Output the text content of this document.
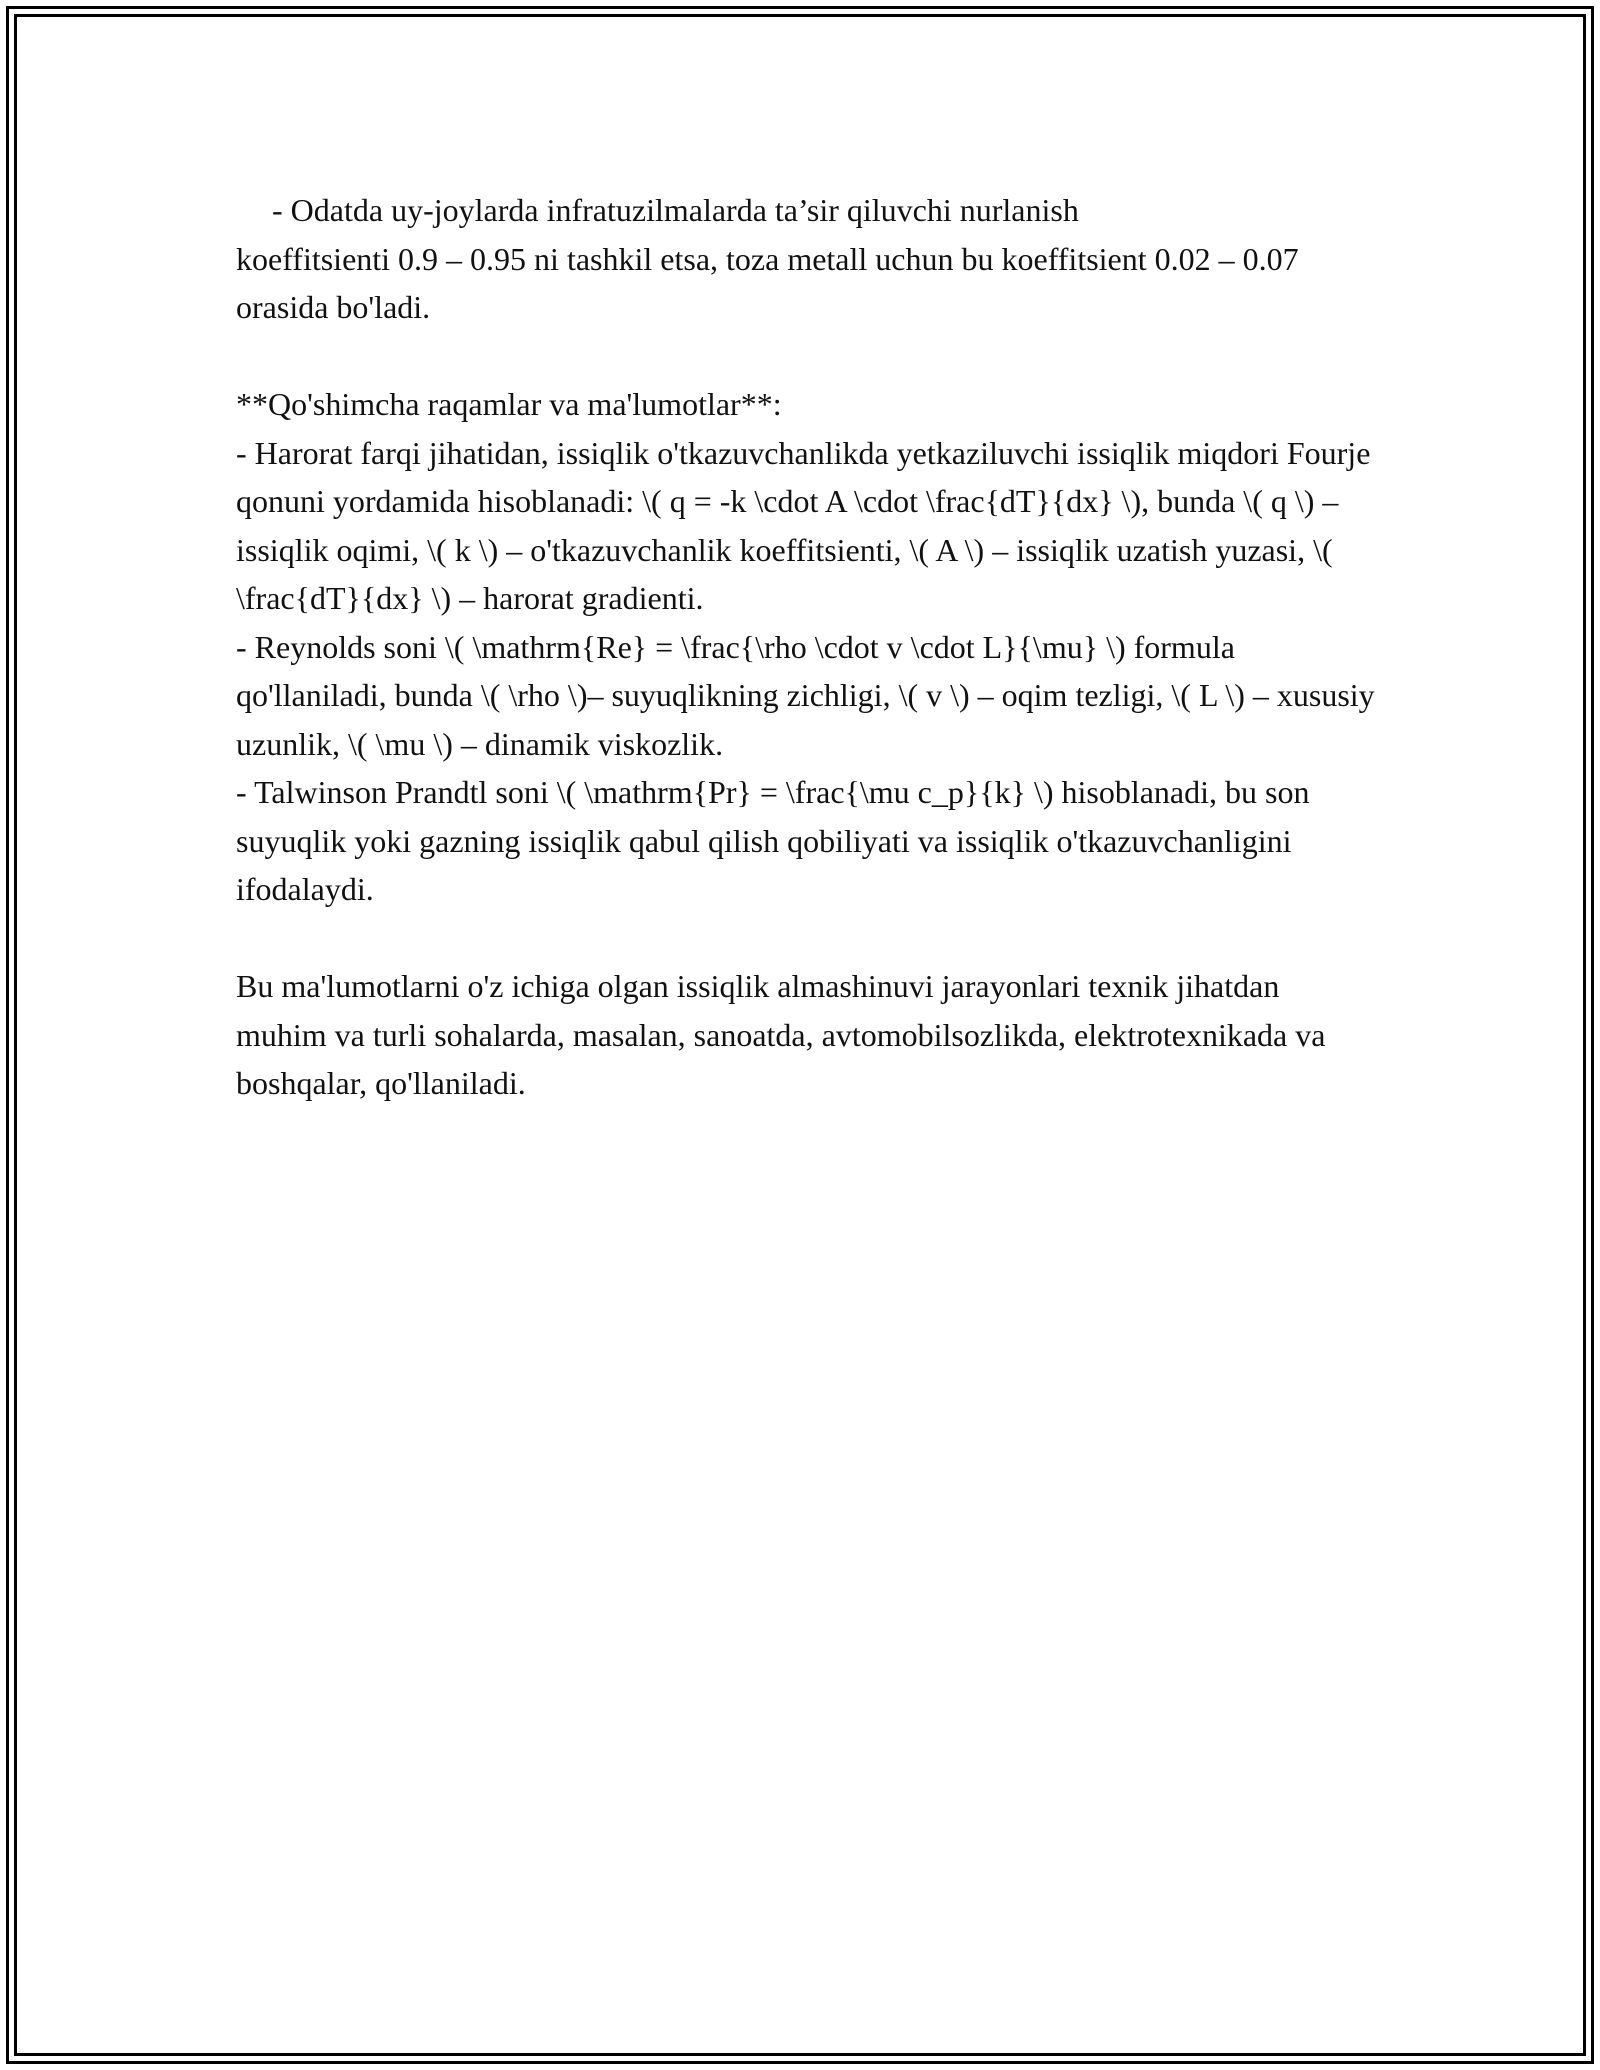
- Odatda uy-joylarda infratuzilmalarda ta’sir qiluvchi nurlanish

koeffitsienti 0.9 – 0.95 ni tashkil etsa, toza metall uchun bu koeffitsient 0.02 – 0.07 orasida bo'ladi.

**Qo'shimcha raqamlar va ma'lumotlar**:

- Harorat farqi jihatidan, issiqlik o'tkazuvchanlikda yetkaziluvchi issiqlik miqdori Fourje qonuni yordamida hisoblanadi: \( q = -k \cdot A \cdot \frac{dT}{dx} \), bunda \( q \) – issiqlik oqimi, \( k \) – o'tkazuvchanlik koeffitsienti, \( A \) – issiqlik uzatish yuzasi, \( \frac{dT}{dx} \) – harorat gradienti.

- Reynolds soni \( \mathrm{Re} = \frac{\rho \cdot v \cdot L}{\mu} \) formula qo'llaniladi, bunda \( \rho \)– suyuqlikning zichligi, \( v \) – oqim tezligi, \( L \) – xususiy uzunlik, \( \mu \) – dinamik viskozlik.

- Talwinson Prandtl soni \( \mathrm{Pr} = \frac{\mu c_p}{k} \) hisoblanadi, bu son suyuqlik yoki gazning issiqlik qabul qilish qobiliyati va issiqlik o'tkazuvchanligini ifodalaydi.

Bu ma'lumotlarni o'z ichiga olgan issiqlik almashinuvi jarayonlari texnik jihatdan muhim va turli sohalarda, masalan, sanoatda, avtomobilsozlikda, elektrotexnikada va boshqalar, qo'llaniladi.
